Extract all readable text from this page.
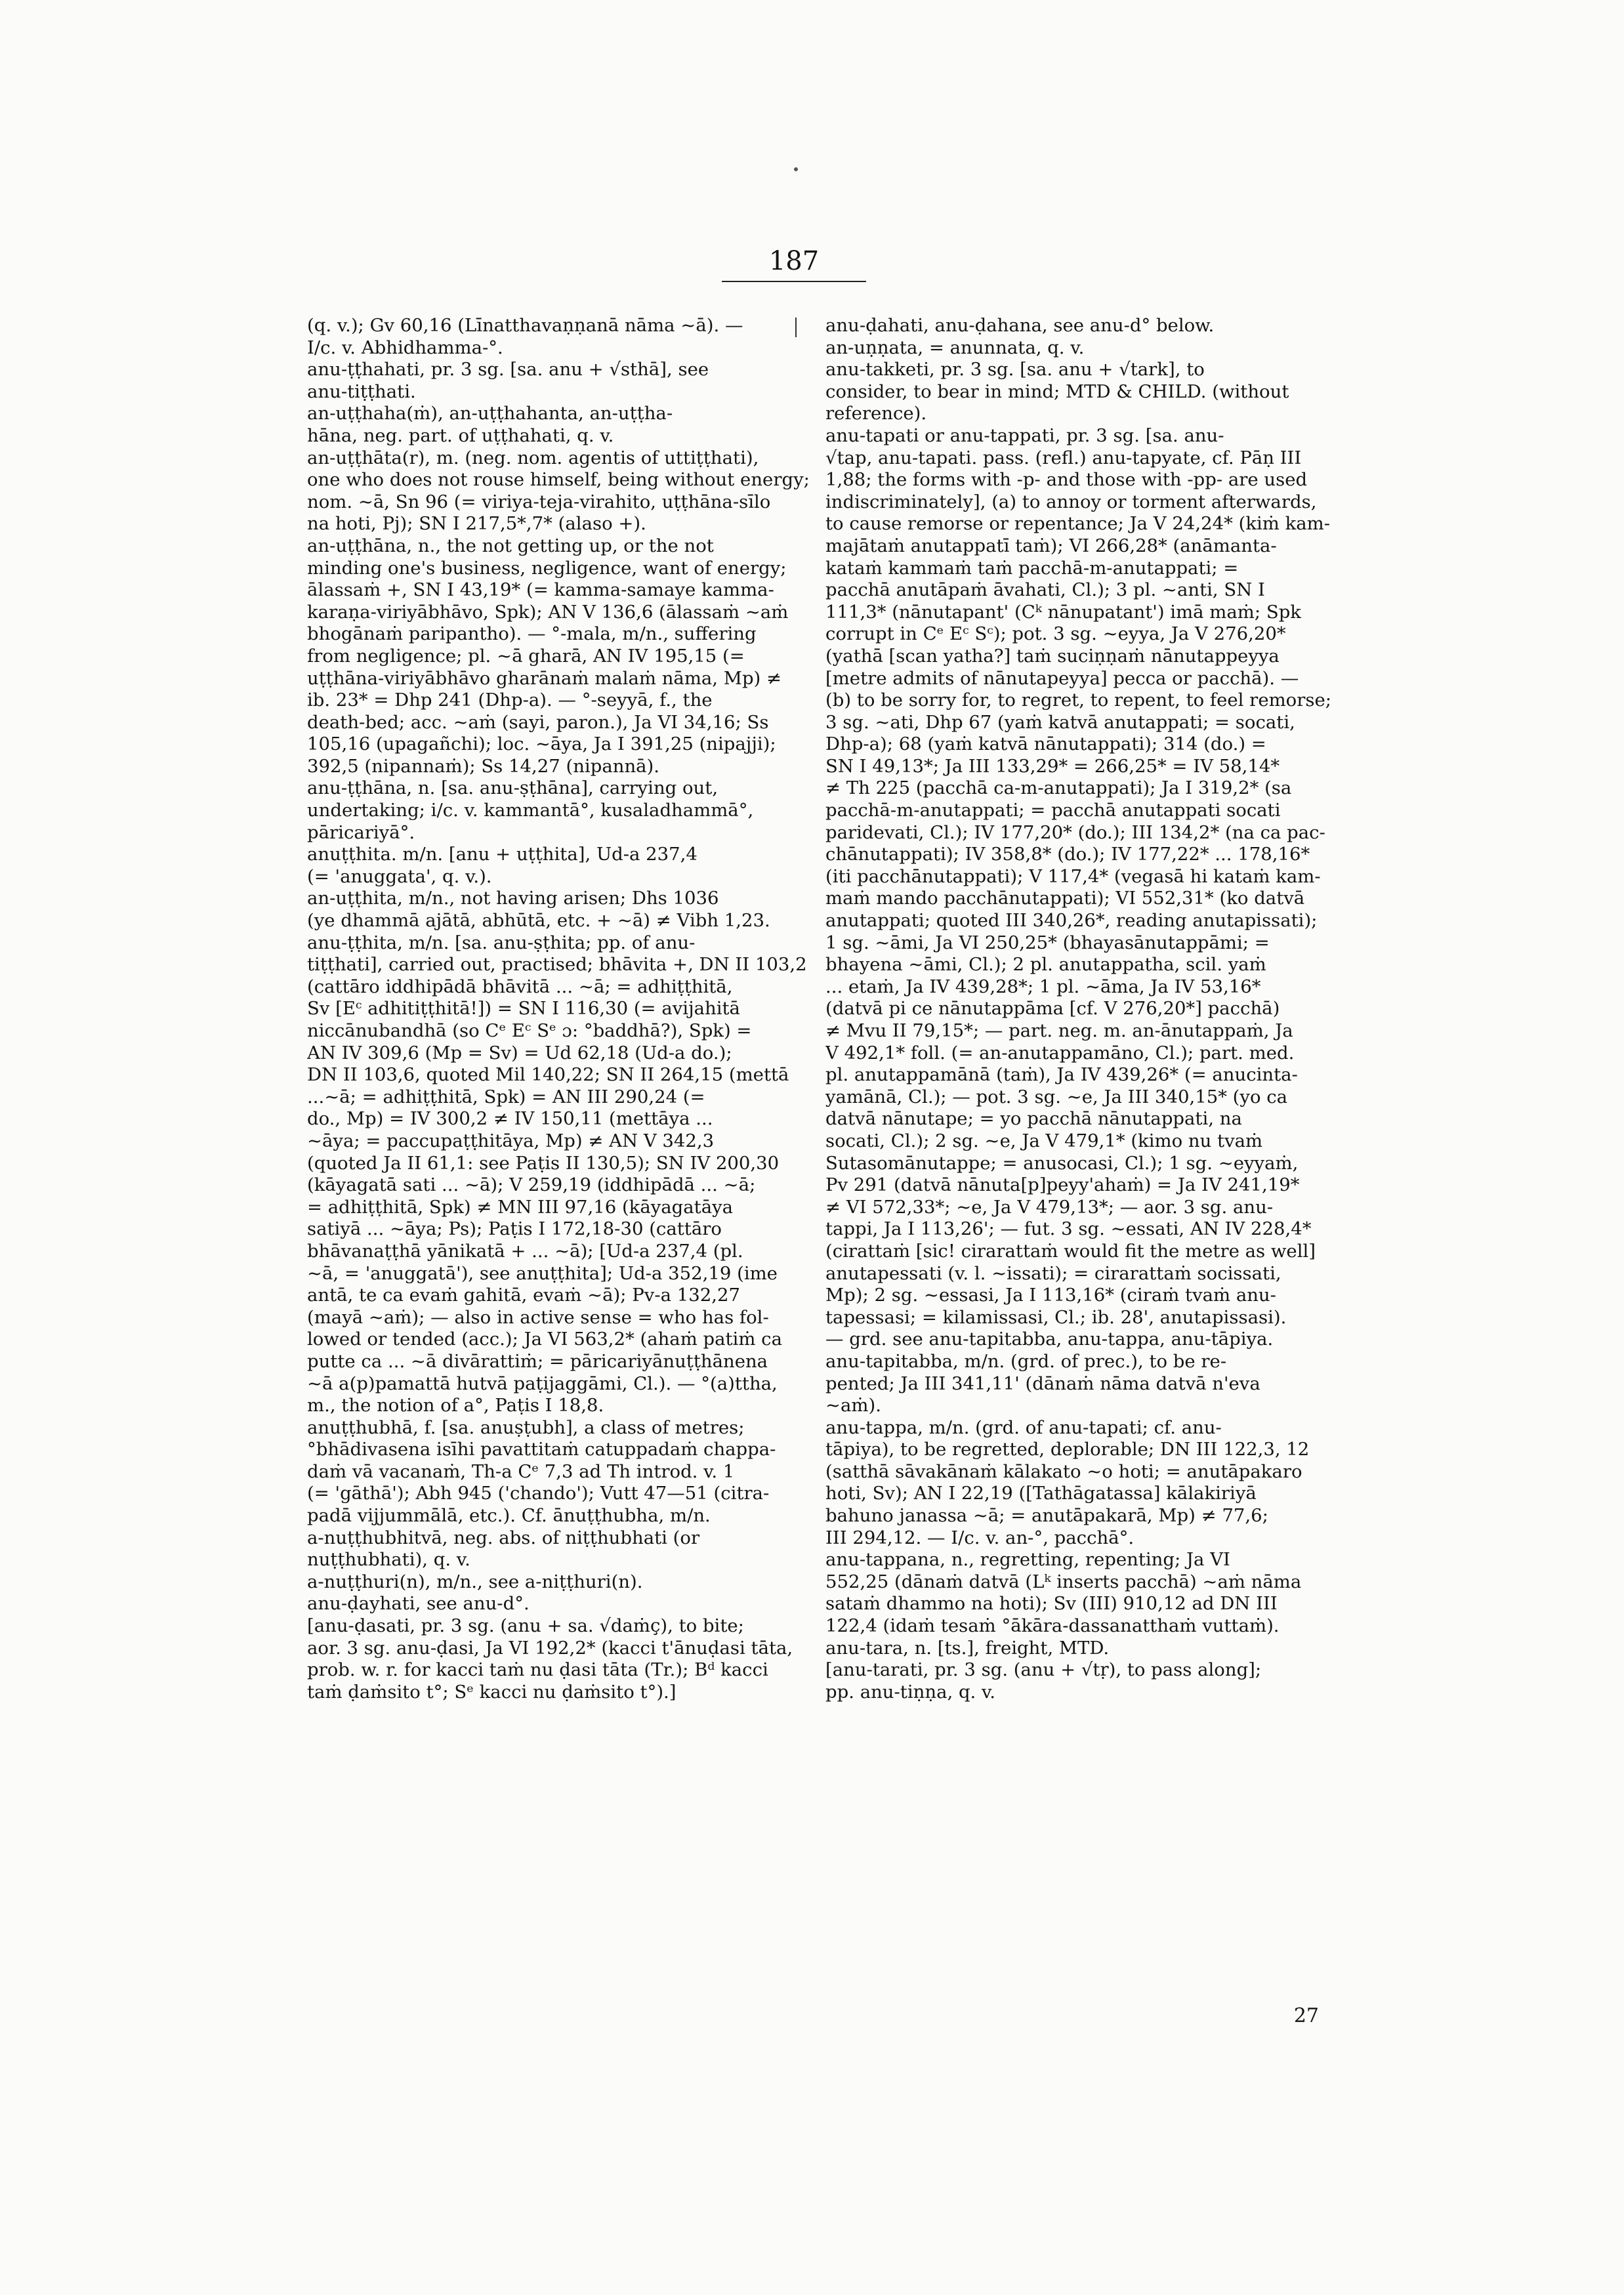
187
(q. v.); Gv 60,16 (Līnatthavaṇṇanā nāma ~ā). —
I/c. v. Abhidhamma-°.
anu-ṭṭhahati, pr. 3 sg. [sa. anu + √sthā], see
anu-tiṭṭhati.
an-uṭṭhaha(ṁ), an-uṭṭhahanta, an-uṭṭha-
hāna, neg. part. of uṭṭhahati, q. v.
an-uṭṭhāta(r), m. (neg. nom. agentis of uttiṭṭhati),
one who does not rouse himself, being without energy;
nom. ~ā, Sn 96 (= viriya-teja-virahito, uṭṭhāna-sīlo
na hoti, Pj); SN I 217,5*,7* (alaso +).
an-uṭṭhāna, n., the not getting up, or the not
minding one's business, negligence, want of energy;
ālassaṁ +, SN I 43,19* (= kamma-samaye kamma-
karaṇa-viriyābhāvo, Spk); AN V 136,6 (ālassaṁ ~aṁ
bhogānaṁ paripantho). — °-mala, m/n., suffering
from negligence; pl. ~ā gharā, AN IV 195,15 (=
uṭṭhāna-viriyābhāvo gharānaṁ malaṁ nāma, Mp) ≠
ib. 23* = Dhp 241 (Dhp-a). — °-seyyā, f., the
death-bed; acc. ~aṁ (sayi, paron.), Ja VI 34,16; Ss
105,16 (upagañchi); loc. ~āya, Ja I 391,25 (nipajji);
392,5 (nipannaṁ); Ss 14,27 (nipannā).
anu-ṭṭhāna, n. [sa. anu-ṣṭhāna], carrying out,
undertaking; i/c. v. kammantā°, kusaladhammā°,
pāricariyā°.
anuṭṭhita. m/n. [anu + uṭṭhita], Ud-a 237,4
(= 'anuggata', q. v.).
an-uṭṭhita, m/n., not having arisen; Dhs 1036
(ye dhammā ajātā, abhūtā, etc. + ~ā) ≠ Vibh 1,23.
anu-ṭṭhita, m/n. [sa. anu-ṣṭhita; pp. of anu-
tiṭṭhati], carried out, practised; bhāvita +, DN II 103,2
(cattāro iddhipādā bhāvitā ... ~ā; = adhiṭṭhitā,
Sv [Eᶜ adhitiṭṭhitā!]) = SN I 116,30 (= avijahitā
niccānubandhā (so Cᵉ Eᶜ Sᵉ ɔ: °baddhā?), Spk) =
AN IV 309,6 (Mp = Sv) = Ud 62,18 (Ud-a do.);
DN II 103,6, quoted Mil 140,22; SN II 264,15 (mettā
...~ā; = adhiṭṭhitā, Spk) = AN III 290,24 (=
do., Mp) = IV 300,2 ≠ IV 150,11 (mettāya ...
~āya; = paccupaṭṭhitāya, Mp) ≠ AN V 342,3
(quoted Ja II 61,1: see Paṭis II 130,5); SN IV 200,30
(kāyagatā sati ... ~ā); V 259,19 (iddhipādā ... ~ā;
= adhiṭṭhitā, Spk) ≠ MN III 97,16 (kāyagatāya
satiyā ... ~āya; Ps); Paṭis I 172,18-30 (cattāro
bhāvanaṭṭhā yānikatā + ... ~ā); [Ud-a 237,4 (pl.
~ā, = 'anuggatā'), see anuṭṭhita]; Ud-a 352,19 (ime
antā, te ca evaṁ gahitā, evaṁ ~ā); Pv-a 132,27
(mayā ~aṁ); — also in active sense = who has fol-
lowed or tended (acc.); Ja VI 563,2* (ahaṁ patiṁ ca
putte ca ... ~ā divārattiṁ; = pāricariyānuṭṭhānena
~ā a(p)pamattā hutvā paṭijaggāmi, Cl.). — °(a)ttha,
m., the notion of a°, Paṭis I 18,8.
anuṭṭhubhā, f. [sa. anuṣṭubh], a class of metres;
°bhādivasena isīhi pavattitaṁ catuppadaṁ chappa-
daṁ vā vacanaṁ, Th-a Cᵉ 7,3 ad Th introd. v. 1
(= 'gāthā'); Abh 945 ('chando'); Vutt 47—51 (citra-
padā vijjummālā, etc.). Cf. ānuṭṭhubha, m/n.
a-nuṭṭhubhitvā, neg. abs. of niṭṭhubhati (or
nuṭṭhubhati), q. v.
a-nuṭṭhuri(n), m/n., see a-niṭṭhuri(n).
anu-ḍayhati, see anu-d°.
[anu-ḍasati, pr. 3 sg. (anu + sa. √daṁç), to bite;
aor. 3 sg. anu-ḍasi, Ja VI 192,2* (kacci t'ānuḍasi tāta,
prob. w. r. for kacci taṁ nu ḍasi tāta (Tr.); Bᵈ kacci
taṁ ḍaṁsito t°; Sᵉ kacci nu ḍaṁsito t°).]
anu-ḍahati, anu-ḍahana, see anu-d° below.
an-uṇṇata, = anunnata, q. v.
anu-takketi, pr. 3 sg. [sa. anu + √tark], to
consider, to bear in mind; MTD & CHILD. (without
reference).
anu-tapati or anu-tappati, pr. 3 sg. [sa. anu-
√tap, anu-tapati. pass. (refl.) anu-tapyate, cf. Pāṇ III
1,88; the forms with -p- and those with -pp- are used
indiscriminately], (a) to annoy or torment afterwards,
to cause remorse or repentance; Ja V 24,24* (kiṁ kam-
majātaṁ anutappatī taṁ); VI 266,28* (anāmanta-
kataṁ kammaṁ taṁ pacchā-m-anutappati; =
pacchā anutāpaṁ āvahati, Cl.); 3 pl. ~anti, SN I
111,3* (nānutapant' (Cᵏ nānupatant') imā maṁ; Spk
corrupt in Cᵉ Eᶜ Sᶜ); pot. 3 sg. ~eyya, Ja V 276,20*
(yathā [scan yatha?] taṁ suciṇṇaṁ nānutappeyya
[metre admits of nānutapeyya] pecca or pacchā). —
(b) to be sorry for, to regret, to repent, to feel remorse;
3 sg. ~ati, Dhp 67 (yaṁ katvā anutappati; = socati,
Dhp-a); 68 (yaṁ katvā nānutappati); 314 (do.) =
SN I 49,13*; Ja III 133,29* = 266,25* = IV 58,14*
≠ Th 225 (pacchā ca-m-anutappati); Ja I 319,2* (sa
pacchā-m-anutappati; = pacchā anutappati socati
paridevati, Cl.); IV 177,20* (do.); III 134,2* (na ca pac-
chānutappati); IV 358,8* (do.); IV 177,22* ... 178,16*
(iti pacchānutappati); V 117,4* (vegasā hi kataṁ kam-
maṁ mando pacchānutappati); VI 552,31* (ko datvā
anutappati; quoted III 340,26*, reading anutapissati);
1 sg. ~āmi, Ja VI 250,25* (bhayasānutappāmi; =
bhayena ~āmi, Cl.); 2 pl. anutappatha, scil. yaṁ
... etaṁ, Ja IV 439,28*; 1 pl. ~āma, Ja IV 53,16*
(datvā pi ce nānutappāma [cf. V 276,20*] pacchā)
≠ Mvu II 79,15*; — part. neg. m. an-ānutappaṁ, Ja
V 492,1* foll. (= an-anutappamāno, Cl.); part. med.
pl. anutappamānā (taṁ), Ja IV 439,26* (= anucinta-
yamānā, Cl.); — pot. 3 sg. ~e, Ja III 340,15* (yo ca
datvā nānutape; = yo pacchā nānutappati, na
socati, Cl.); 2 sg. ~e, Ja V 479,1* (kimo nu tvaṁ
Sutasomānutappe; = anusocasi, Cl.); 1 sg. ~eyyaṁ,
Pv 291 (datvā nānuta[p]peyy'ahaṁ) = Ja IV 241,19*
≠ VI 572,33*; ~e, Ja V 479,13*; — aor. 3 sg. anu-
tappi, Ja I 113,26'; — fut. 3 sg. ~essati, AN IV 228,4*
(cirattaṁ [sic! cirarattaṁ would fit the metre as well]
anutapessati (v. l. ~issati); = cirarattaṁ socissati,
Mp); 2 sg. ~essasi, Ja I 113,16* (ciraṁ tvaṁ anu-
tapessasi; = kilamissasi, Cl.; ib. 28', anutapissasi).
— grd. see anu-tapitabba, anu-tappa, anu-tāpiya.
anu-tapitabba, m/n. (grd. of prec.), to be re-
pented; Ja III 341,11' (dānaṁ nāma datvā n'eva
~aṁ).
anu-tappa, m/n. (grd. of anu-tapati; cf. anu-
tāpiya), to be regretted, deplorable; DN III 122,3, 12
(satthā sāvakānaṁ kālakato ~o hoti; = anutāpakaro
hoti, Sv); AN I 22,19 ([Tathāgatassa] kālakiriyā
bahuno janassa ~ā; = anutāpakarā, Mp) ≠ 77,6;
III 294,12. — I/c. v. an-°, pacchā°.
anu-tappana, n., regretting, repenting; Ja VI
552,25 (dānaṁ datvā (Lᵏ inserts pacchā) ~aṁ nāma
sataṁ dhammo na hoti); Sv (III) 910,12 ad DN III
122,4 (idaṁ tesaṁ °ākāra-dassanatthaṁ vuttaṁ).
anu-tara, n. [ts.], freight, MTD.
[anu-tarati, pr. 3 sg. (anu + √tṛ), to pass along];
pp. anu-tiṇṇa, q. v.
27
